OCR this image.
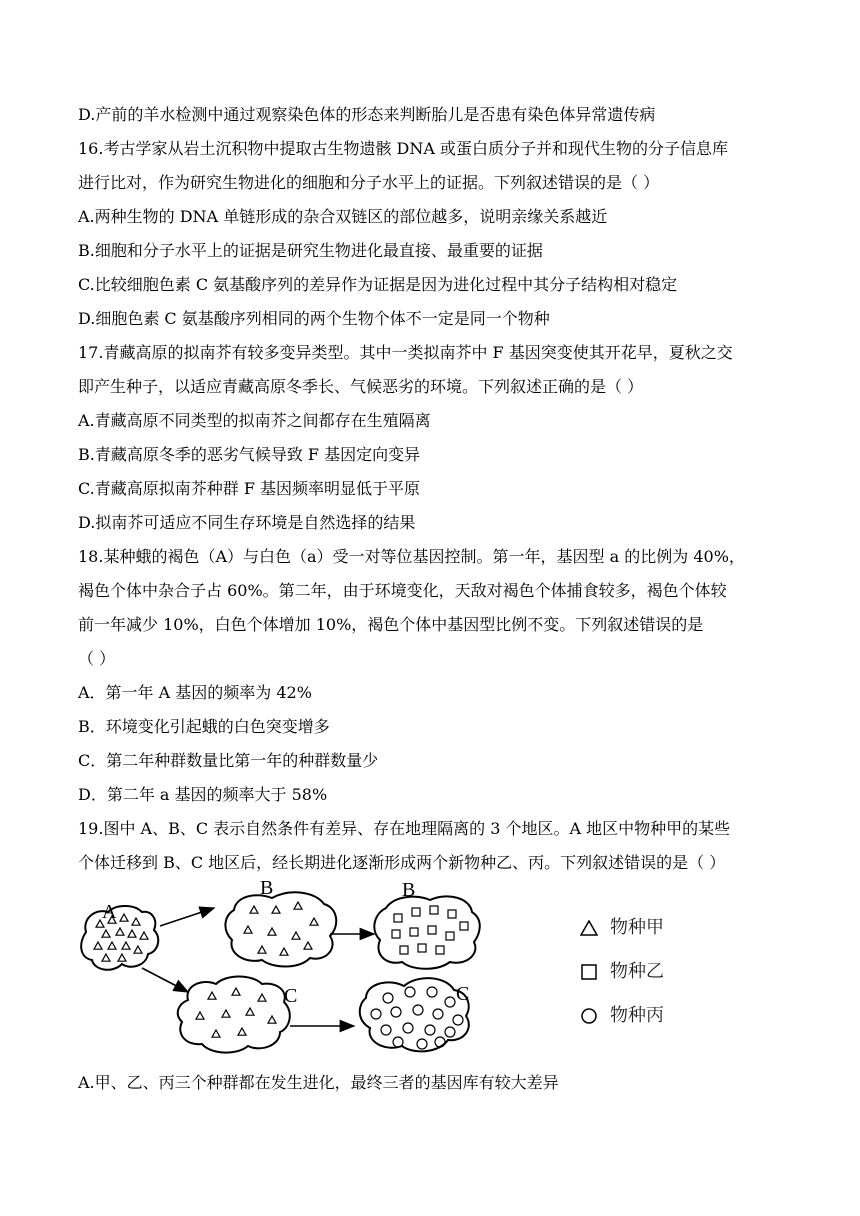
D.产前的羊水检测中通过观察染色体的形态来判断胎儿是否患有染色体异常遗传病
16.考古学家从岩土沉积物中提取古生物遗骸 DNA 或蛋白质分子并和现代生物的分子信息库
进行比对，作为研究生物进化的细胞和分子水平上的证据。下列叙述错误的是（ ）
A.两种生物的 DNA 单链形成的杂合双链区的部位越多，说明亲缘关系越近
B.细胞和分子水平上的证据是研究生物进化最直接、最重要的证据
C.比较细胞色素 C 氨基酸序列的差异作为证据是因为进化过程中其分子结构相对稳定
D.细胞色素 C 氨基酸序列相同的两个生物个体不一定是同一个物种
17.青藏高原的拟南芥有较多变异类型。其中一类拟南芥中 F 基因突变使其开花早，夏秋之交
即产生种子，以适应青藏高原冬季长、气候恶劣的环境。下列叙述正确的是（ ）
A.青藏高原不同类型的拟南芥之间都存在生殖隔离
B.青藏高原冬季的恶劣气候导致 F 基因定向变异
C.青藏高原拟南芥种群 F 基因频率明显低于平原
D.拟南芥可适应不同生存环境是自然选择的结果
18.某种蛾的褐色（A）与白色（a）受一对等位基因控制。第一年，基因型 a 的比例为 40%，
褐色个体中杂合子占 60%。第二年，由于环境变化，天敌对褐色个体捕食较多，褐色个体较
前一年减少 10%，白色个体增加 10%，褐色个体中基因型比例不变。下列叙述错误的是
（ ）
A．第一年 A 基因的频率为 42%
B．环境变化引起蛾的白色突变增多
C．第二年种群数量比第一年的种群数量少
D．第二年 a 基因的频率大于 58%
19.图中 A、B、C 表示自然条件有差异、存在地理隔离的 3 个地区。A 地区中物种甲的某些
个体迁移到 B、C 地区后，经长期进化逐渐形成两个新物种乙、丙。下列叙述错误的是（ ）
A
B	B
C	C
物种甲
物种乙
物种丙
A.甲、乙、丙三个种群都在发生进化，最终三者的基因库有较大差异
